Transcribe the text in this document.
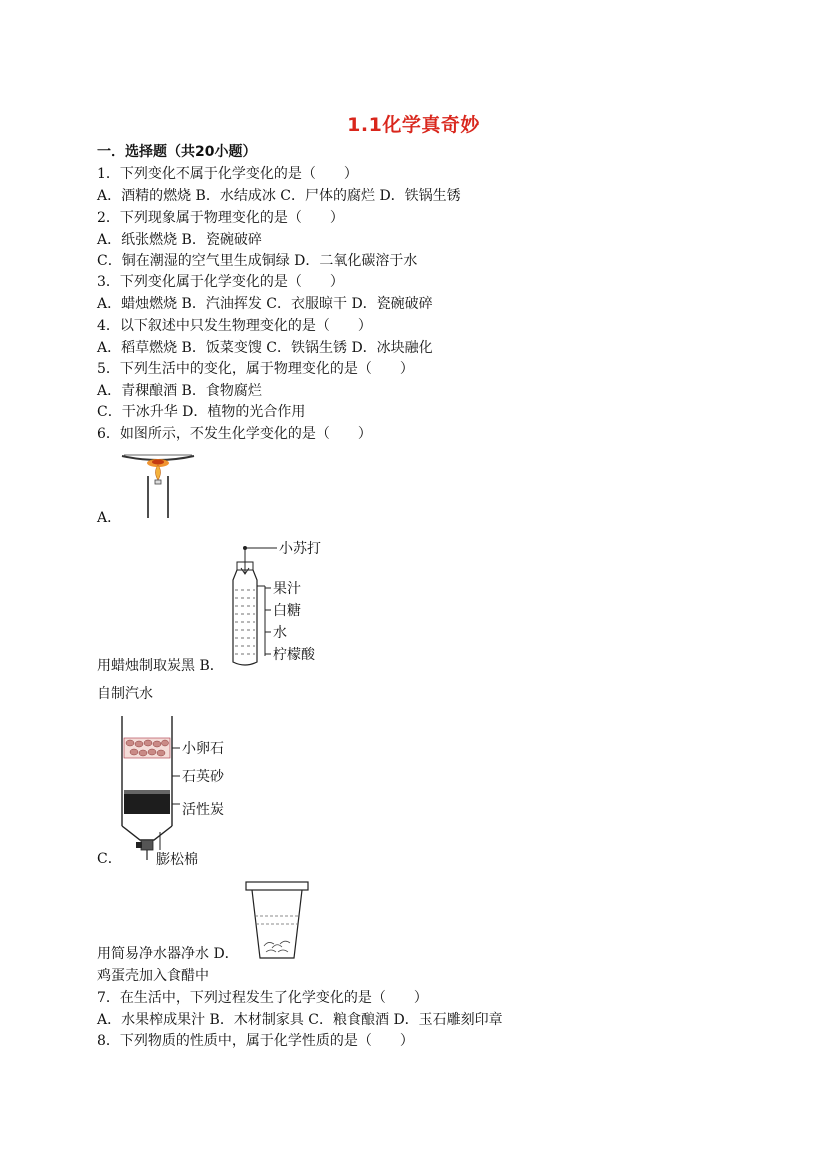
1.1化学真奇妙
一．选择题（共20小题）
1．下列变化不属于化学变化的是（　　）
A．酒精的燃烧 B．水结成冰 C．尸体的腐烂 D．铁锅生锈
2．下列现象属于物理变化的是（　　）
A．纸张燃烧 B．瓷碗破碎
C．铜在潮湿的空气里生成铜绿 D．二氧化碳溶于水
3．下列变化属于化学变化的是（　　）
A．蜡烛燃烧 B．汽油挥发 C．衣服晾干 D．瓷碗破碎
4．以下叙述中只发生物理变化的是（　　）
A．稻草燃烧 B．饭菜变馊 C．铁锅生锈 D．冰块融化
5．下列生活中的变化，属于物理变化的是（　　）
A．青稞酿酒 B．食物腐烂
C．干冰升华 D．植物的光合作用
6．如图所示，不发生化学变化的是（　　）
A．
小苏打
果汁
白糖
水
柠檬酸
用蜡烛制取炭黑 B．
自制汽水
小卵石
石英砂
活性炭
膨松棉
C．
用简易净水器净水 D．
鸡蛋壳加入食醋中
7．在生活中，下列过程发生了化学变化的是（　　）
A．水果榨成果汁 B．木材制家具 C．粮食酿酒 D．玉石雕刻印章
8．下列物质的性质中，属于化学性质的是（　　）
